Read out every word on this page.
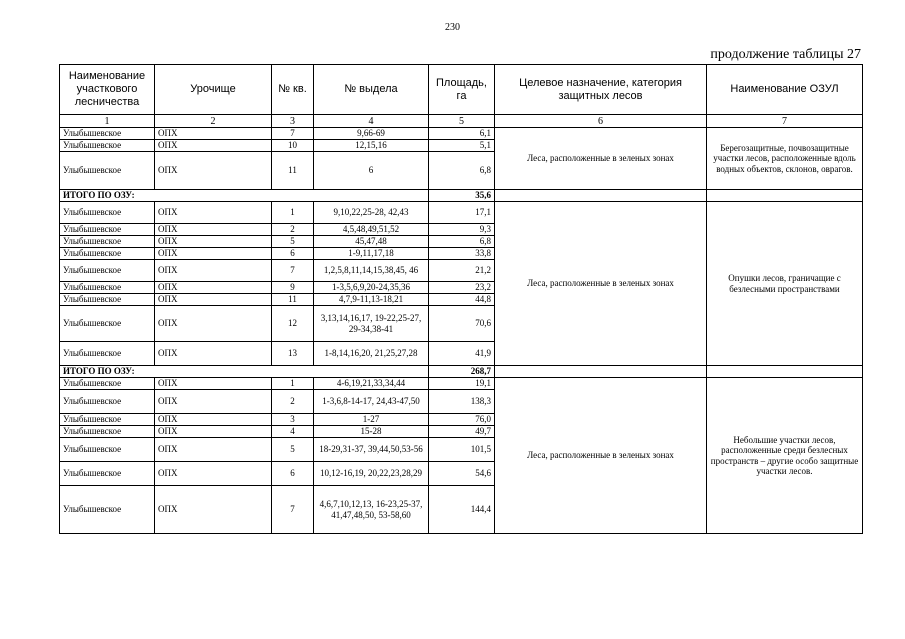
230
продолжение таблицы 27
Наименование участкового лесничества	Урочище	№ кв.	№ выдела	Площадь, га	Целевое назначение, категория защитных лесов	Наименование ОЗУЛ
1	2	3	4	5	6	7
Улыбышевское	ОПХ	7	9,66-69	6,1	Леса, расположенные в зеленых зонах	Берегозащитные, почвозащитные участки лесов, расположенные вдоль водных объектов, склонов, оврагов.
Улыбышевское	ОПХ	10	12,15,16	5,1		
Улыбышевское	ОПХ	11	6	6,8		
ИТОГО ПО ОЗУ:				35,6		
Улыбышевское	ОПХ	1	9,10,22,25-28, 42,43	17,1	Леса, расположенные в зеленых зонах	Опушки лесов, граничащие с безлесными пространствами
Улыбышевское	ОПХ	2	4,5,48,49,51,52	9,3		
Улыбышевское	ОПХ	5	45,47,48	6,8		
Улыбышевское	ОПХ	6	1-9,11,17,18	33,8		
Улыбышевское	ОПХ	7	1,2,5,8,11,14,15,38,45, 46	21,2		
Улыбышевское	ОПХ	9	1-3,5,6,9,20-24,35,36	23,2		
Улыбышевское	ОПХ	11	4,7,9-11,13-18,21	44,8		
Улыбышевское	ОПХ	12	3,13,14,16,17, 19-22,25-27, 29-34,38-41	70,6		
Улыбышевское	ОПХ	13	1-8,14,16,20, 21,25,27,28	41,9		
ИТОГО ПО ОЗУ:				268,7		
Улыбышевское	ОПХ	1	4-6,19,21,33,34,44	19,1	Леса, расположенные в зеленых зонах	Небольшие участки лесов, расположенные среди безлесных пространств – другие особо защитные участки лесов.
Улыбышевское	ОПХ	2	1-3,6,8-14-17, 24,43-47,50	138,3		
Улыбышевское	ОПХ	3	1-27	76,0		
Улыбышевское	ОПХ	4	15-28	49,7		
Улыбышевское	ОПХ	5	18-29,31-37, 39,44,50,53-56	101,5		
Улыбышевское	ОПХ	6	10,12-16,19, 20,22,23,28,29	54,6		
Улыбышевское	ОПХ	7	4,6,7,10,12,13, 16-23,25-37, 41,47,48,50, 53-58,60	144,4		
